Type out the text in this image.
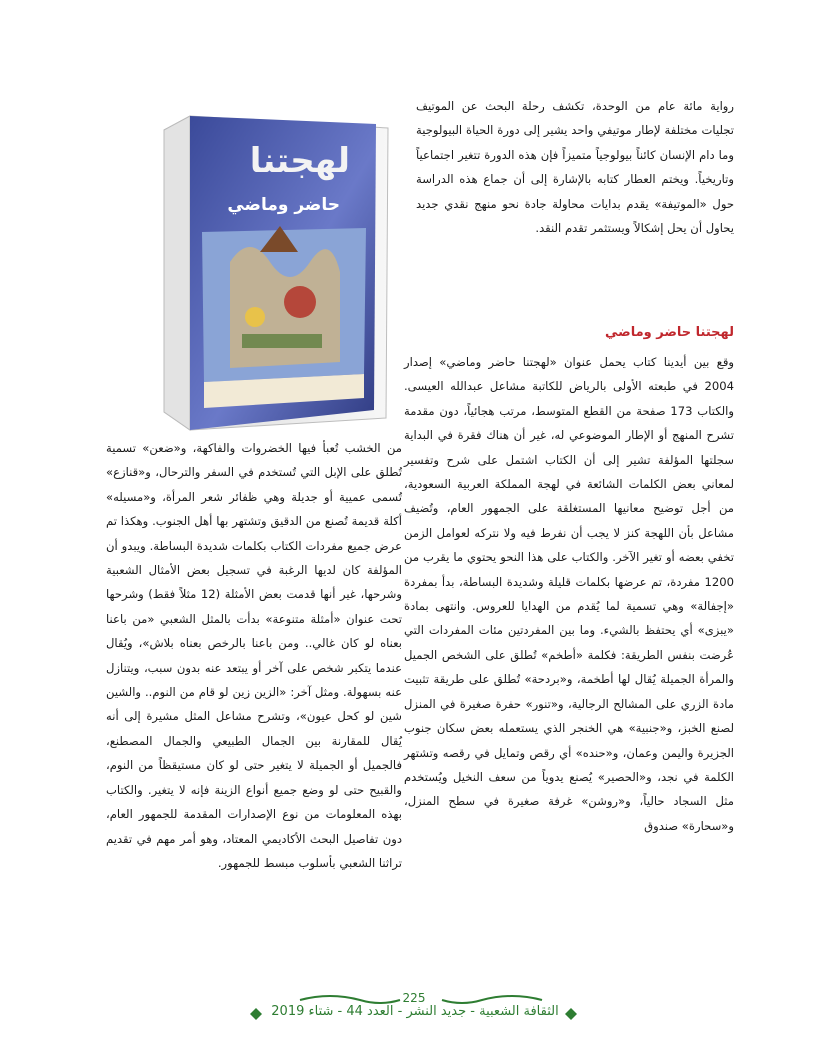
رواية مائة عام من الوحدة، تكشف رحلة البحث عن الموتيف تجليات مختلفة لإطار موتيفي واحد يشير إلى دورة الحياة البيولوجية وما دام الإنسان كائناً بيولوجياً متميزاً فإن هذه الدورة تتغير اجتماعياً وتاريخياً. ويختم العطار كتابه بالإشارة إلى أن جماع هذه الدراسة حول «الموتيفة» يقدم بدايات محاولة جادة نحو منهج نقدي جديد يحاول أن يحل إشكالاً ويستثمر تقدم النقد.

لهجتنا حاضر وماضي

وقع بين أيدينا كتاب يحمل عنوان «لهجتنا حاضر وماضي» إصدار 2004 في طبعته الأولى بالرياض للكاتبة مشاعل عبدالله العيسى. والكتاب 173 صفحة من القطع المتوسط، مرتب هجائياً، دون مقدمة تشرح المنهج أو الإطار الموضوعي له، غير أن هناك فقرة في البداية سجلتها المؤلفة تشير إلى أن الكتاب اشتمل على شرح وتفسير لمعاني بعض الكلمات الشائعة في لهجة المملكة العربية السعودية، من أجل توضيح معانيها المستغلقة على الجمهور العام، وتُضيف مشاعل بأن اللهجة كنز لا يجب أن نفرط فيه ولا نتركه لعوامل الزمن تخفي بعضه أو تغير الآخر. والكتاب على هذا النحو يحتوي ما يقرب من 1200 مفردة، تم عرضها بكلمات قليلة وشديدة البساطة، بدأ بمفردة «إجفالة» وهي تسمية لما يُقدم من الهدايا للعروس. وانتهى بمادة «يبزى» أي يحتفظ بالشيء. وما بين المفردتين مئات المفردات التي عُرضت بنفس الطريقة: فكلمة «أطخم» تُطلق على الشخص الجميل والمرأة الجميلة يُقال لها أطخمة، و«بردحة» تُطلق على طريقة تثبيت مادة الزري على المشالح الرجالية، و«تنور» حفرة صغيرة في المنزل لصنع الخبز، و«جنبية» هي الخنجر الذي يستعمله بعض سكان جنوب الجزيرة واليمن وعمان، و«حنده» أي رقص وتمايل في رقصه وتشتهر الكلمة في نجد، و«الحصير» يُصنع يدوياً من سعف النخيل ويُستخدم مثل السجاد حالياً، و«روشن» غرفة صغيرة في سطح المنزل، و«سحارة» صندوق

من الخشب تُعبأ فيها الخضروات والفاكهة، و«ضعن» تسمية تُطلق على الإبل التي تُستخدم في السفر والترحال، و«قنازع» تُسمى عميية أو جديلة وهي ظفائر شعر المرأة، و«مسيله» أكلة قديمة تُصنع من الدقيق وتشتهر بها أهل الجنوب. وهكذا تم عرض جميع مفردات الكتاب بكلمات شديدة البساطة. ويبدو أن المؤلفة كان لديها الرغبة في تسجيل بعض الأمثال الشعبية وشرحها، غير أنها قدمت بعض الأمثلة (12 مثلاً فقط) وشرحها تحت عنوان «أمثلة متنوعة» بدأت بالمثل الشعبي «من باعنا بعناه لو كان غالي.. ومن باعنا بالرخص بعناه بلاش»، ويُقال عندما يتكبر شخص على آخر أو يبتعد عنه بدون سبب، ويتنازل عنه بسهولة. ومثل آخر: «الزين زين لو قام من النوم.. والشين شين لو كحل عيون»، وتشرح مشاعل المثل مشيرة إلى أنه يُقال للمقارنة بين الجمال الطبيعي والجمال المصطنع، فالجميل أو الجميلة لا يتغير حتى لو كان مستيقظاً من النوم، والقبيح حتى لو وضع جميع أنواع الزينة فإنه لا يتغير. والكتاب بهذه المعلومات من نوع الإصدارات المقدمة للجمهور العام، دون تفاصيل البحث الأكاديمي المعتاد، وهو أمر مهم في تقديم تراثنا الشعبي بأسلوب مبسط للجمهور.

لهجتنا
حاضر وماضي
225
الثقافة الشعبية - جديد النشر - العدد 44 - شتاء 2019
